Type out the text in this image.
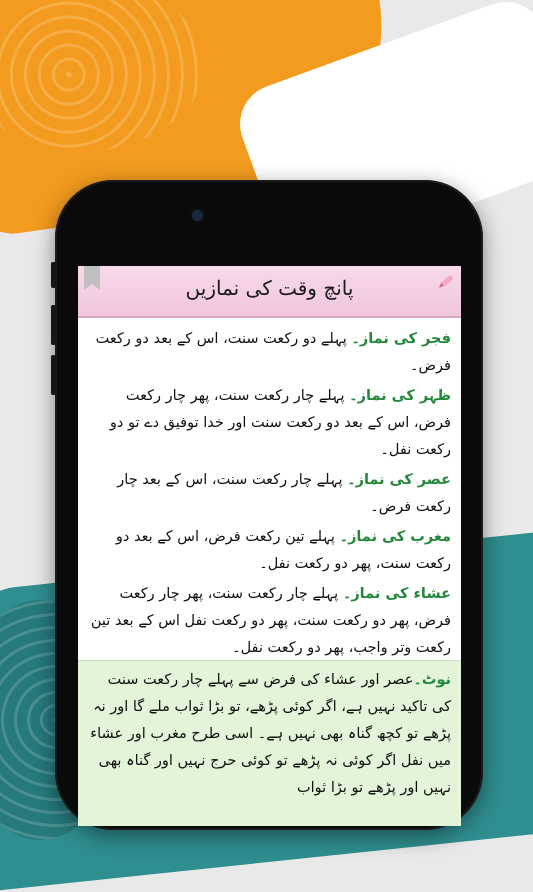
پانچ وقت کی نمازیں

فجر کی نماز۔ پہلے دو رکعت سنت، اس کے بعد دو رکعت فرض۔

ظہر کی نماز۔ پہلے چار رکعت سنت، پھر چار رکعت فرض، اس کے بعد دو رکعت سنت اور خدا توفیق دے تو دو رکعت نفل۔

عصر کی نماز۔ پہلے چار رکعت سنت، اس کے بعد چار رکعت فرض۔

مغرب کی نماز۔ پہلے تین رکعت فرض، اس کے بعد دو رکعت سنت، پھر دو رکعت نفل۔

عشاء کی نماز۔ پہلے چار رکعت سنت، پھر چار رکعت فرض، پھر دو رکعت سنت، پھر دو رکعت نفل اس کے بعد تین رکعت وتر واجب، پھر دو رکعت نفل۔

نوٹ۔عصر اور عشاء کی فرض سے پہلے چار رکعت سنت کی تاکید نہیں ہے، اگر کوئی پڑھے، تو بڑا ثواب ملے گا اور نہ پڑھے تو کچھ گناہ بھی نہیں ہے۔ اسی طرح مغرب اور عشاء میں نفل اگر کوئی نہ پڑھے تو کوئی حرج نہیں اور گناہ بھی نہیں اور پڑھے تو بڑا ثواب
